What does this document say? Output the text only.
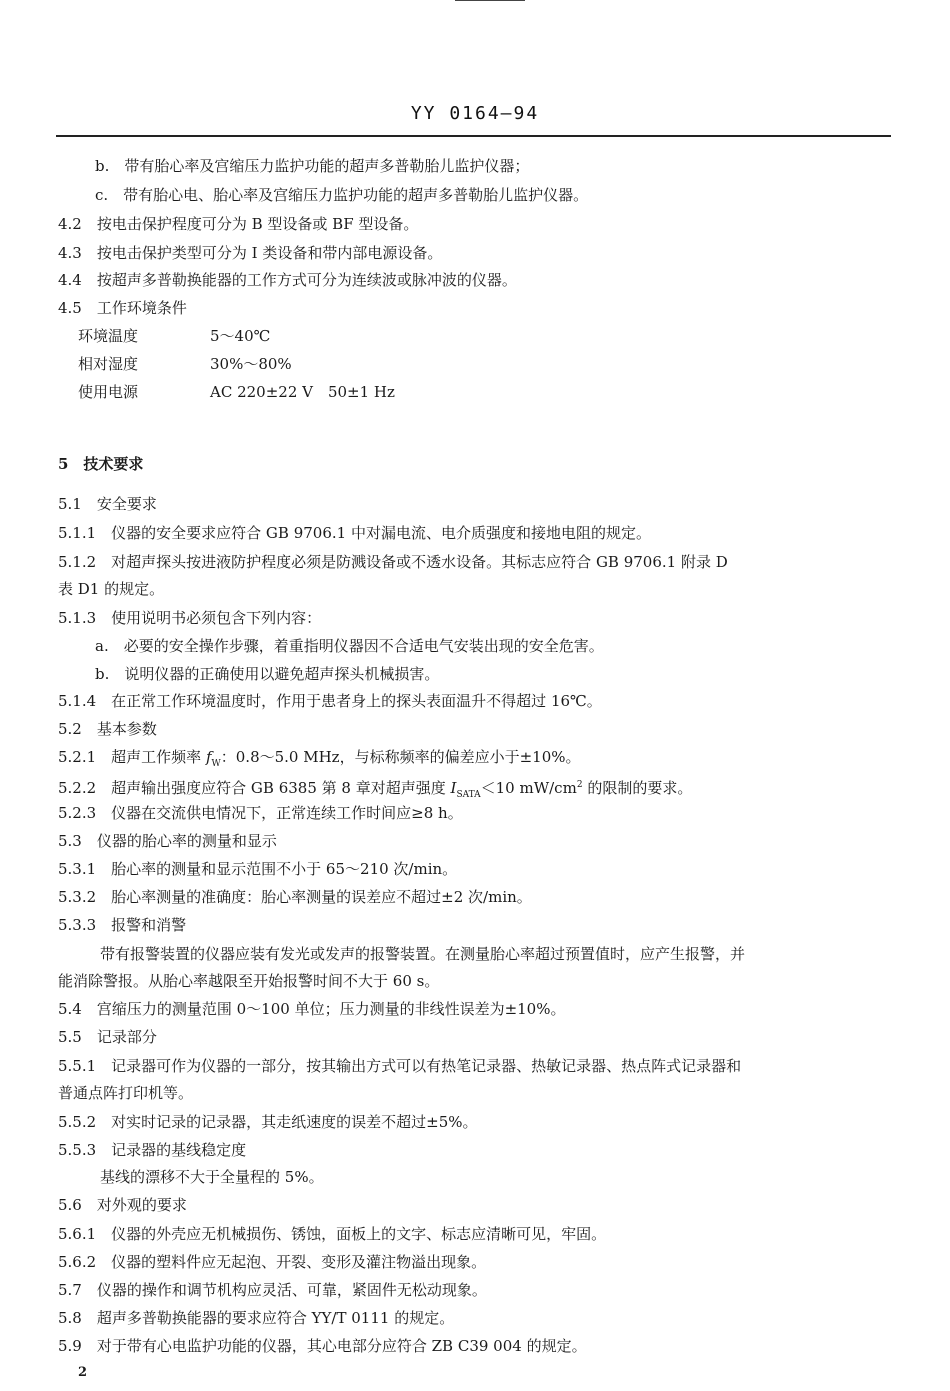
YY 0164—94
b.　带有胎心率及宫缩压力监护功能的超声多普勒胎儿监护仪器；
c.　带有胎心电、胎心率及宫缩压力监护功能的超声多普勒胎儿监护仪器。
4.2　按电击保护程度可分为 B 型设备或 BF 型设备。
4.3　按电击保护类型可分为 I 类设备和带内部电源设备。
4.4　按超声多普勒换能器的工作方式可分为连续波或脉冲波的仪器。
4.5　工作环境条件
环境温度	5～40℃
相对湿度	30%～80%
使用电源	AC 220±22 V　50±1 Hz
5　技术要求
5.1　安全要求
5.1.1　仪器的安全要求应符合 GB 9706.1 中对漏电流、电介质强度和接地电阻的规定。
5.1.2　对超声探头按进液防护程度必须是防溅设备或不透水设备。其标志应符合 GB 9706.1 附录 D
表 D1 的规定。
5.1.3　使用说明书必须包含下列内容：
a.　必要的安全操作步骤，着重指明仪器因不合适电气安装出现的安全危害。
b.　说明仪器的正确使用以避免超声探头机械损害。
5.1.4　在正常工作环境温度时，作用于患者身上的探头表面温升不得超过 16℃。
5.2　基本参数
5.2.1　超声工作频率 $f_W$：0.8～5.0 MHz，与标称频率的偏差应小于±10%。
5.2.2　超声输出强度应符合 GB 6385 第 8 章对超声强度 $I_{SATA}<10$ $mW/cm^2$ 的限制的要求。
5.2.3　仪器在交流供电情况下，正常连续工作时间应≥8 h。
5.3　仪器的胎心率的测量和显示
5.3.1　胎心率的测量和显示范围不小于 65～210 次/min。
5.3.2　胎心率测量的准确度：胎心率测量的误差应不超过±2 次/min。
5.3.3　报警和消警
带有报警装置的仪器应装有发光或发声的报警装置。在测量胎心率超过预置值时，应产生报警，并
能消除警报。从胎心率越限至开始报警时间不大于 60 s。
5.4　宫缩压力的测量范围 0～100 单位；压力测量的非线性误差为±10%。
5.5　记录部分
5.5.1　记录器可作为仪器的一部分，按其输出方式可以有热笔记录器、热敏记录器、热点阵式记录器和
普通点阵打印机等。
5.5.2　对实时记录的记录器，其走纸速度的误差不超过±5%。
5.5.3　记录器的基线稳定度
基线的漂移不大于全量程的 5%。
5.6　对外观的要求
5.6.1　仪器的外壳应无机械损伤、锈蚀，面板上的文字、标志应清晰可见，牢固。
5.6.2　仪器的塑料件应无起泡、开裂、变形及灌注物溢出现象。
5.7　仪器的操作和调节机构应灵活、可靠，紧固件无松动现象。
5.8　超声多普勒换能器的要求应符合 YY/T 0111 的规定。
5.9　对于带有心电监护功能的仪器，其心电部分应符合 ZB C39 004 的规定。
2
